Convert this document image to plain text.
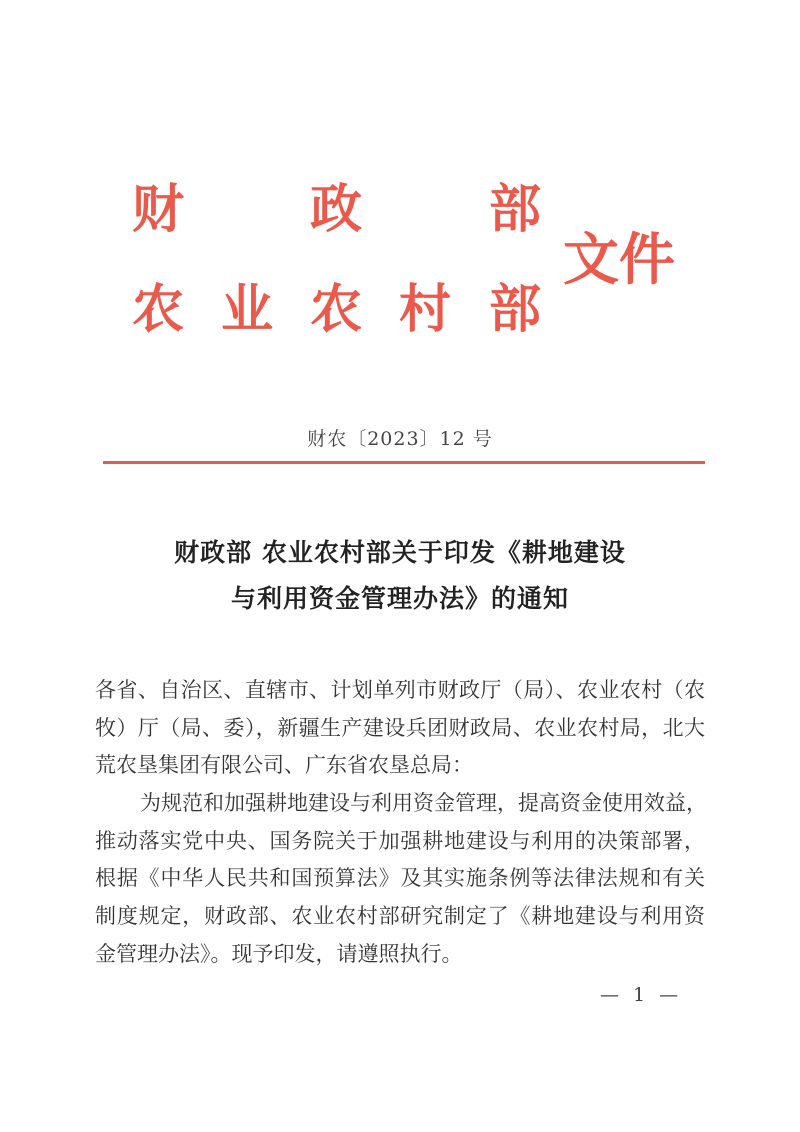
财 政 部
农 业 农 村 部
文件
财农〔2023〕12 号
财政部 农业农村部关于印发《耕地建设
与利用资金管理办法》的通知
各省、自治区、直辖市、计划单列市财政厅（局）、农业农村（农
牧）厅（局、委），新疆生产建设兵团财政局、农业农村局，北大
荒农垦集团有限公司、广东省农垦总局：
为规范和加强耕地建设与利用资金管理，提高资金使用效益，
推动落实党中央、国务院关于加强耕地建设与利用的决策部署，
根据《中华人民共和国预算法》及其实施条例等法律法规和有关
制度规定，财政部、农业农村部研究制定了《耕地建设与利用资
金管理办法》。现予印发，请遵照执行。
— 1 —
